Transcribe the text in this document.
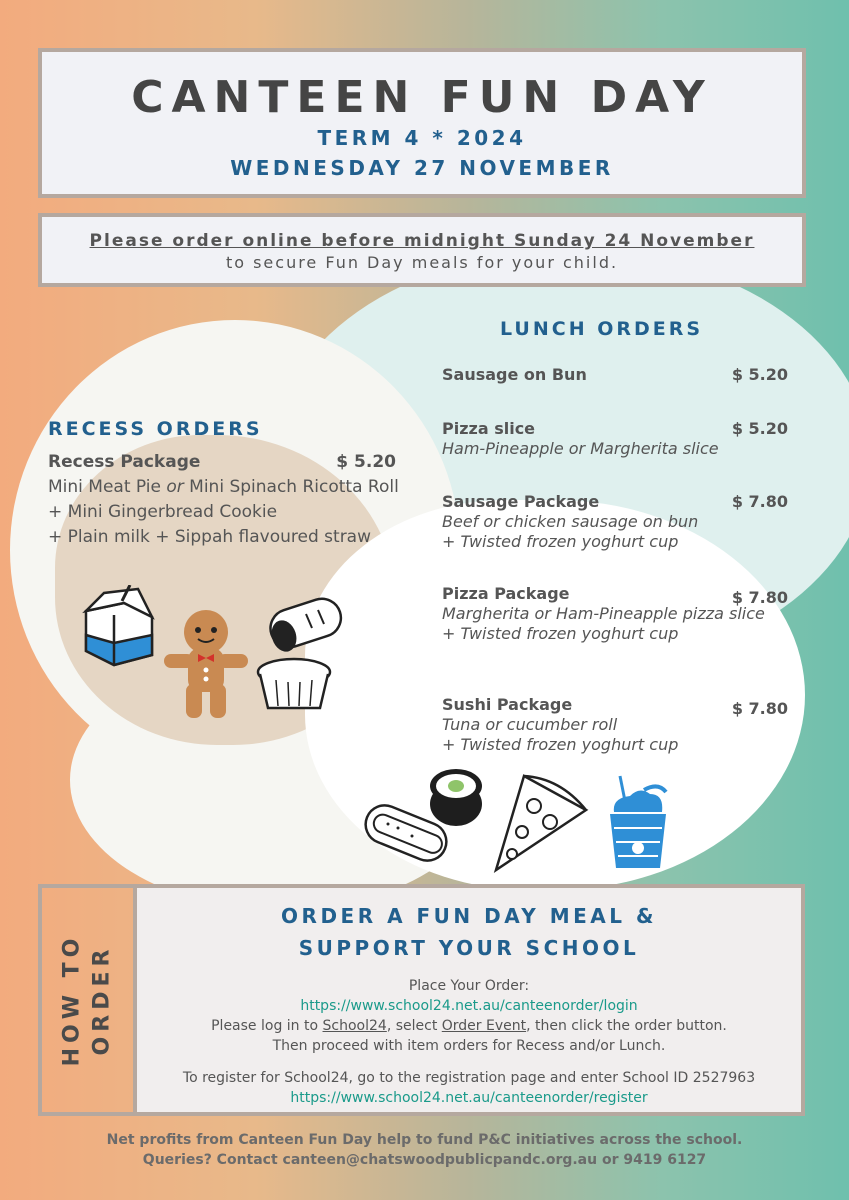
CANTEEN FUN DAY
TERM 4 * 2024
WEDNESDAY 27 NOVEMBER
Please order online before midnight Sunday 24 November
to secure Fun Day meals for your child.
LUNCH ORDERS
RECESS ORDERS
Recess Package	$ 5.20
Mini Meat Pie or Mini Spinach Ricotta Roll
+ Mini Gingerbread Cookie
+ Plain milk + Sippah flavoured straw
Sausage on Bun	$ 5.20
Pizza slice	$ 5.20
Ham-Pineapple or Margherita slice
Sausage Package	$ 7.80
Beef or chicken sausage on bun
+ Twisted frozen yoghurt cup
Pizza Package	$ 7.80
Margherita or Ham-Pineapple pizza slice
+ Twisted frozen yoghurt cup
Sushi Package	$ 7.80
Tuna or cucumber roll
+ Twisted frozen yoghurt cup
HOW TO ORDER
ORDER A FUN DAY MEAL &
SUPPORT YOUR SCHOOL
Place Your Order:
https://www.school24.net.au/canteenorder/login
Please log in to School24, select Order Event, then click the order button.
Then proceed with item orders for Recess and/or Lunch.
To register for School24, go to the registration page and enter School ID 2527963
https://www.school24.net.au/canteenorder/register
Net profits from Canteen Fun Day help to fund P&C initiatives across the school.
Queries? Contact canteen@chatswoodpublicpandc.org.au or 9419 6127
